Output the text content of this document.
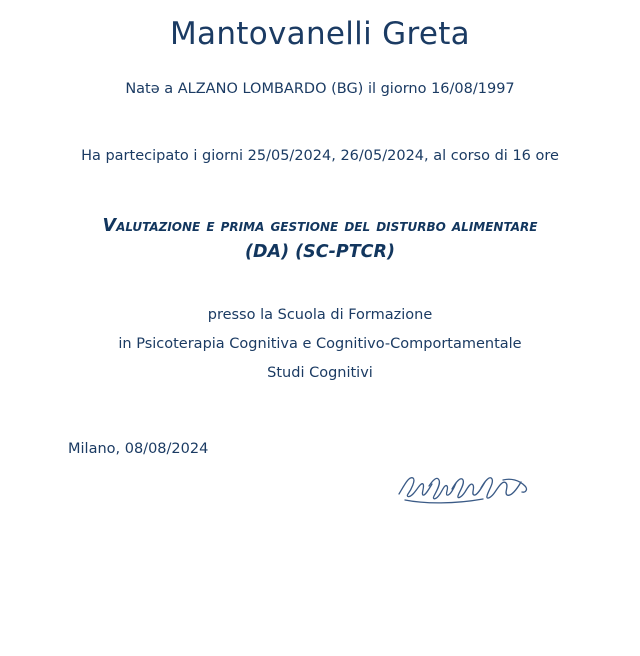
Mantovanelli Greta
Natə a ALZANO LOMBARDO (BG) il giorno 16/08/1997
Ha partecipato i giorni 25/05/2024, 26/05/2024, al corso di 16 ore
Valutazione e prima gestione del disturbo alimentare (DA) (SC-PTCR)
presso la Scuola di Formazione
in Psicoterapia Cognitiva e Cognitivo-Comportamentale
Studi Cognitivi
Milano, 08/08/2024
